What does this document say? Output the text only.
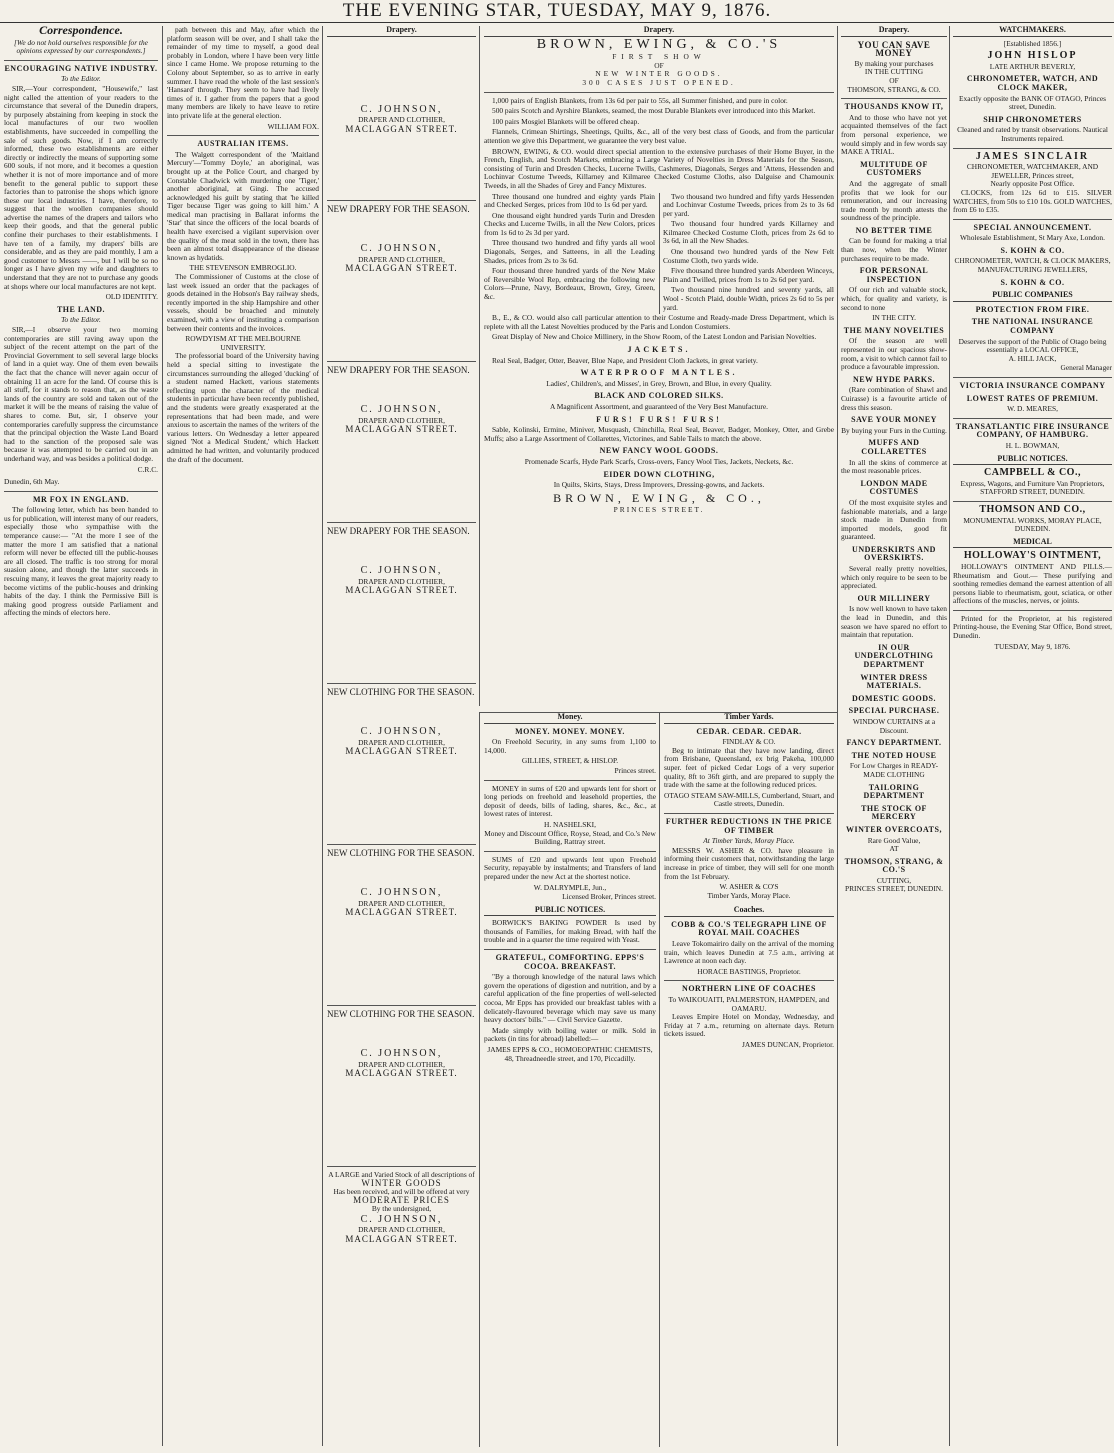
THE EVENING STAR, TUESDAY, MAY 9, 1876.
Correspondence.
[We do not hold ourselves responsible for the opinions expressed by our correspondents.]
ENCOURAGING NATIVE INDUSTRY.
To the Editor.

SIR,—Your correspondent, "Housewife," last night called the attention of your readers to the circumstance that several of the Dunedin drapers, by purposely abstaining from keeping in stock the local manufactures of our two woollen establishments, have succeeded in compelling the sale of such goods. Now, if I am correctly informed, these two establishments are either directly or indirectly the means of supporting some 600 souls, if not more, and it becomes a question whether it is not of more importance and of more benefit to the general public to support these factories than to patronise the shops which ignore these our local industries. I have, therefore, to suggest that the woollen companies should advertise the names of the drapers and tailors who keep their goods, and that the general public confine their purchases to their establishments. I have ten of a family, my drapers' bills are considerable, and as they are paid monthly, I am a good customer to Messrs ——, but I will be so no longer as I have given my wife and daughters to understand that they are not to purchase any goods at shops where our local manufactures are not kept.

OLD IDENTITY.
THE LAND.
To the Editor.

SIR,—I observe your two morning contemporaries are still raving away upon the subject of the recent attempt on the part of the Provincial Government to sell several large blocks of land in a quiet way. One of them even bewails the fact that the chance will never again occur of obtaining 11 an acre for the land. Of course this is all stuff, for it stands to reason that, as the waste lands of the country are sold and taken out of the market it will be the means of raising the value of shares to come. But, sir, I observe your contemporaries carefully suppress the circumstance that the principal objection the Waste Land Board had to the sanction of the proposed sale was because it was attempted to be carried out in an underhand way, and was besides a political dodge.

C.R.C.
Dunedin, 6th May.
MR FOX IN ENGLAND.

The following letter, which has been handed to us for publication, will interest many of our readers, especially those who sympathise with the temperance cause:— "At the more I see of the matter the more I am satisfied that a national reform will never be effected till the public-houses are all closed. The traffic is too strong for moral suasion alone, and though the latter succeeds in rescuing many, it leaves the great majority ready to become victims of the public-houses and drinking habits of the day. I think the Permissive Bill is making good progress outside Parliament and affecting the minds of electors here.

path between this and May, after which the platform season will be over, and I shall take the remainder of my time to myself, a good deal probably in London, where I have been very little since I came Home. We propose returning to the Colony about September, so as to arrive in early summer. I have read the whole of the last session's 'Hansard' through. They seem to have had lively times of it. I gather from the papers that a good many members are likely to have leave to retire into private life at the general election.

WILLIAM FOX.
AUSTRALIAN ITEMS.

The Walgett correspondent of the 'Maitland Mercury'—'Tommy Doyle,' an aboriginal, was brought up at the Police Court, and charged by Constable Chadwick with murdering one 'Tiger,' another aboriginal, at Gingi. The accused acknowledged his guilt by stating that 'he killed Tiger because Tiger was going to kill him.' A medical man practising in Ballarat informs the 'Star' that since the officers of the local boards of health have exercised a vigilant supervision over the quality of the meat sold in the town, there has been an almost total disappearance of the disease known as hydatids.

THE STEVENSON EMBROGLIO.

The Commissioner of Customs at the close of last week issued an order that the packages of goods detained in the Hobson's Bay railway sheds, recently imported in the ship Hampshire and other vessels, should be broached and minutely examined, with a view of instituting a comparison between their contents and the invoices.

ROWDYISM AT THE MELBOURNE UNIVERSITY.

The professorial board of the University having held a special sitting to investigate the circumstances surrounding the alleged 'ducking' of a student named Hackett, various statements reflecting upon the character of the medical students in particular have been recently published, and the students were greatly exasperated at the representations that had been made, and were anxious to ascertain the names of the writers of the various letters. On Wednesday a letter appeared signed 'Not a Medical Student,' which Hackett admitted he had written, and voluntarily produced the draft of the document.

Drapery.
C. JOHNSON,
DRAPER AND CLOTHIER,
MACLAGGAN STREET.
NEW DRAPERY FOR THE SEASON.
C. JOHNSON,
DRAPER AND CLOTHIER,
MACLAGGAN STREET.
NEW DRAPERY FOR THE SEASON.
C. JOHNSON,
DRAPER AND CLOTHIER,
MACLAGGAN STREET.
NEW DRAPERY FOR THE SEASON.
C. JOHNSON,
DRAPER AND CLOTHIER,
MACLAGGAN STREET.
NEW CLOTHING FOR THE SEASON.
C. JOHNSON,
DRAPER AND CLOTHIER,
MACLAGGAN STREET.
NEW CLOTHING FOR THE SEASON.
C. JOHNSON,
DRAPER AND CLOTHIER,
MACLAGGAN STREET.
NEW CLOTHING FOR THE SEASON.
C. JOHNSON,
DRAPER AND CLOTHIER,
MACLAGGAN STREET.
A LARGE and Varied Stock of all descriptions of
WINTER GOODS
Has been received, and will be offered at very
MODERATE PRICES
By the undersigned,
C. JOHNSON,
DRAPER AND CLOTHIER,
MACLAGGAN STREET.
Drapery.
BROWN, EWING, & CO.'S
FIRST SHOW
OF
NEW WINTER GOODS.
300 CASES JUST OPENED.

1,000 pairs of English Blankets, from 13s 6d per pair to 55s, all Summer finished, and pure in color.

500 pairs Scotch and Ayrshire Blankets, seamed, the most Durable Blankets ever introduced into this Market.

100 pairs Mosgiel Blankets will be offered cheap.

Flannels, Crimean Shirtings, Sheetings, Quilts, &c., all of the very best class of Goods, and from the particular attention we give this Department, we guarantee the very best value.

BROWN, EWING, & CO. would direct special attention to the extensive purchases of their Home Buyer, in the French, English, and Scotch Markets, embracing a Large Variety of Novelties in Dress Materials for the Season, consisting of Turin and Dresden Checks, Lucerne Twills, Cashmeres, Diagonals, Serges and 'Attens, Hessenden and Lochinvar Costume Tweeds, Killarney and Kilmaree Checked Costume Cloths, also Dalguise and Chamounix Tweeds, in all the Shades of Grey and Fancy Mixtures.

Three thousand one hundred and eighty yards Plain and Checked Serges, prices from 10d to 1s 6d per yard.

One thousand eight hundred yards Turin and Dresden Checks and Lucerne Twills, in all the New Colors, prices from 1s 6d to 2s 3d per yard.

Three thousand two hundred and fifty yards all wool Diagonals, Serges, and Satteens, in all the Leading Shades, prices from 2s to 3s 6d.

Four thousand three hundred yards of the New Make of Reversible Wool Rep, embracing the following new Colors—Prune, Navy, Bordeaux, Brown, Grey, Green, &c.

Two thousand two hundred and fifty yards Hessenden and Lochinvar Costume Tweeds, prices from 2s to 3s 6d per yard.

Two thousand four hundred yards Killarney and Kilmaree Checked Costume Cloth, prices from 2s 6d to 3s 6d, in all the New Shades.

One thousand two hundred yards of the New Felt Costume Cloth, two yards wide.

Five thousand three hundred yards Aberdeen Winceys, Plain and Twilled, prices from 1s to 2s 6d per yard.

Two thousand nine hundred and seventy yards, all Wool - Scotch Plaid, double Width, prices 2s 6d to 5s per yard.

B., E., & CO. would also call particular attention to their Costume and Ready-made Dress Department, which is replete with all the Latest Novelties produced by the Paris and London Costumiers.

Great Display of New and Choice Millinery, in the Show Room, of the Latest London and Parisian Novelties.

JACKETS.

Real Seal, Badger, Otter, Beaver, Blue Nape, and President Cloth Jackets, in great variety.

WATERPROOF MANTLES.
Ladies', Children's, and Misses', in Grey, Brown, and Blue, in every Quality.
BLACK AND COLORED SILKS.
A Magnificent Assortment, and guaranteed of the Very Best Manufacture.
FURS! FURS! FURS!

Sable, Kolinski, Ermine, Miniver, Musquash, Chinchilla, Real Seal, Beaver, Badger, Monkey, Otter, and Grebe Muffs; also a Large Assortment of Collarettes, Victorines, and Sable Tails to match the above.

NEW FANCY WOOL GOODS.
Promenade Scarfs, Hyde Park Scarfs, Cross-overs, Fancy Wool Ties, Jackets, Neckets, &c.
EIDER DOWN CLOTHING,
In Quilts, Skirts, Stays, Dress Improvers, Dressing-gowns, and Jackets.
BROWN, EWING, & CO.,
PRINCES STREET.
Money.
MONEY. MONEY. MONEY.

On Freehold Security, in any sums from 1,100 to 14,000.

GILLIES, STREET, & HISLOP.
Princes street.

MONEY in sums of £20 and upwards lent for short or long periods on freehold and leasehold properties, the deposit of deeds, bills of lading, shares, &c., &c., at lowest rates of interest.

H. NASHELSKI,
Money and Discount Office, Royse, Stead, and Co.'s New Building, Rattray street.

SUMS of £20 and upwards lent upon Freehold Security, repayable by instalments; and Transfers of land prepared under the new Act at the shortest notice.

W. DALRYMPLE, Jun.,
Licensed Broker, Princes street.
PUBLIC NOTICES.

BORWICK'S BAKING POWDER Is used by thousands of Families, for making Bread, with half the trouble and in a quarter the time required with Yeast.

GRATEFUL, COMFORTING. EPPS'S COCOA. BREAKFAST.

"By a thorough knowledge of the natural laws which govern the operations of digestion and nutrition, and by a careful application of the fine properties of well-selected cocoa, Mr Epps has provided our breakfast tables with a delicately-flavoured beverage which may save us many heavy doctors' bills." — Civil Service Gazette.

Made simply with boiling water or milk. Sold in packets (in tins for abroad) labelled:—

JAMES EPPS & CO., HOMOEOPATHIC CHEMISTS, 48, Threadneedle street, and 170, Piccadilly.
Timber Yards.
CEDAR. CEDAR. CEDAR.
FINDLAY & CO.

Beg to intimate that they have now landing, direct from Brisbane, Queensland, ex brig Pakeha, 100,000 super. feet of picked Cedar Logs of a very superior quality, 8ft to 36ft girth, and are prepared to supply the trade with the same at the following reduced prices.

OTAGO STEAM SAW-MILLS, Cumberland, Stuart, and Castle streets, Dunedin.
FURTHER REDUCTIONS IN THE PRICE OF TIMBER
At Timber Yards, Moray Place.

MESSRS W. ASHER & CO. have pleasure in informing their customers that, notwithstanding the large increase in price of timber, they will sell for one month from the 1st February.

W. ASHER & CO'S
Timber Yards, Moray Place.
Coaches.
COBB & CO.'S TELEGRAPH LINE OF ROYAL MAIL COACHES

Leave Tokomairiro daily on the arrival of the morning train, which leaves Dunedin at 7.5 a.m., arriving at Lawrence at noon each day.

HORACE BASTINGS, Proprietor.
NORTHERN LINE OF COACHES
To WAIKOUAITI, PALMERSTON, HAMPDEN, and OAMARU.

Leaves Empire Hotel on Monday, Wednesday, and Friday at 7 a.m., returning on alternate days. Return tickets issued.

JAMES DUNCAN, Proprietor.
Drapery.
YOU CAN SAVE MONEY
By making your purchases
IN THE CUTTING
OF
THOMSON, STRANG, & CO.
THOUSANDS KNOW IT,

And to those who have not yet acquainted themselves of the fact from personal experience, we would simply and in few words say MAKE A TRIAL.

MULTITUDE OF CUSTOMERS

And the aggregate of small profits that we look for our remuneration, and our increasing trade month by month attests the soundness of the principle.

NO BETTER TIME

Can be found for making a trial than now, when the Winter purchases require to be made.

FOR PERSONAL INSPECTION

Of our rich and valuable stock, which, for quality and variety, is second to none

IN THE CITY.
THE MANY NOVELTIES

Of the season are well represented in our spacious show-room, a visit to which cannot fail to produce a favourable impression.

NEW HYDE PARKS.

(Rare combination of Shawl and Cuirasse) is a favourite article of dress this season.

SAVE YOUR MONEY
By buying your Furs in the Cutting.
MUFFS AND COLLARETTES

In all the skins of commerce at the most reasonable prices.

LONDON MADE COSTUMES

Of the most exquisite styles and fashionable materials, and a large stock made in Dunedin from imported models, good fit guaranteed.

UNDERSKIRTS AND OVERSKIRTS.

Several really pretty novelties, which only require to be seen to be appreciated.

OUR MILLINERY

Is now well known to have taken the lead in Dunedin, and this season we have spared no effort to maintain that reputation.

IN OUR UNDERCLOTHING DEPARTMENT
WINTER DRESS MATERIALS.
DOMESTIC GOODS.
SPECIAL PURCHASE.
WINDOW CURTAINS at a Discount.
FANCY DEPARTMENT.
THE NOTED HOUSE
For Low Charges in READY-MADE CLOTHING
TAILORING DEPARTMENT
THE STOCK OF MERCERY
WINTER OVERCOATS,
Rare Good Value,
AT
THOMSON, STRANG, & CO.'S
CUTTING,
PRINCES STREET, DUNEDIN.
WATCHMAKERS.
[Established 1856.]
JOHN HISLOP
LATE ARTHUR BEVERLY,
CHRONOMETER, WATCH, AND CLOCK MAKER,
Exactly opposite the BANK OF OTAGO, Princes street, Dunedin.
SHIP CHRONOMETERS
Cleaned and rated by transit observations. Nautical Instruments repaired.
JAMES SINCLAIR
CHRONOMETER, WATCHMAKER, AND JEWELLER, Princes street,
Nearly opposite Post Office.

CLOCKS, from 12s 6d to £15. SILVER WATCHES, from 50s to £10 10s. GOLD WATCHES, from £6 to £35.

SPECIAL ANNOUNCEMENT.
Wholesale Establishment, St Mary Axe, London.
S. KOHN & CO.
CHRONOMETER, WATCH, & CLOCK MAKERS,
MANUFACTURING JEWELLERS,
S. KOHN & CO.
PUBLIC COMPANIES
PROTECTION FROM FIRE.
THE NATIONAL INSURANCE COMPANY
Deserves the support of the Public of Otago being essentially a LOCAL OFFICE,
A. HILL JACK,
General Manager
VICTORIA INSURANCE COMPANY
LOWEST RATES OF PREMIUM.
W. D. MEARES,
TRANSATLANTIC FIRE INSURANCE COMPANY, OF HAMBURG.
H. L. BOWMAN,
PUBLIC NOTICES.
CAMPBELL & CO.,
Express, Wagons, and Furniture Van Proprietors, STAFFORD STREET, DUNEDIN.
THOMSON AND CO.,
MONUMENTAL WORKS, MORAY PLACE, DUNEDIN.
MEDICAL
HOLLOWAY'S OINTMENT,

HOLLOWAY'S OINTMENT AND PILLS.—Rheumatism and Gout.— These purifying and soothing remedies demand the earnest attention of all persons liable to rheumatism, gout, sciatica, or other affections of the muscles, nerves, or joints.

Printed for the Proprietor, at his registered Printing-house, the Evening Star Office, Bond street, Dunedin.

TUESDAY, May 9, 1876.
